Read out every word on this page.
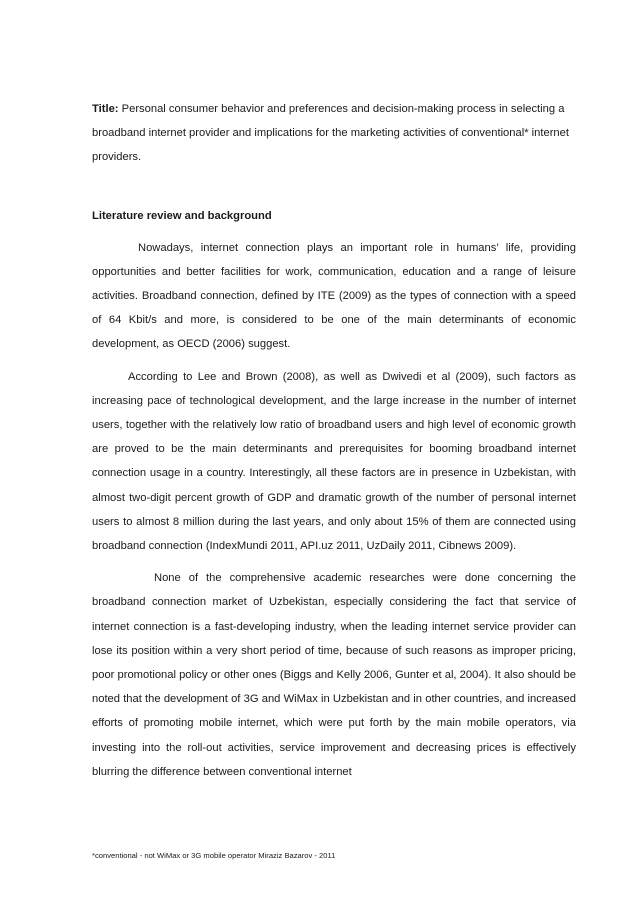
Title: Personal consumer behavior and preferences and decision-making process in selecting a broadband internet provider and implications for the marketing activities of conventional* internet providers.

Literature review and background

Nowadays, internet connection plays an important role in humans’ life, providing opportunities and better facilities for work, communication, education and a range of leisure activities. Broadband connection, defined by ITE (2009) as the types of connection with a speed of 64 Kbit/s and more, is considered to be one of the main determinants of economic development, as OECD (2006) suggest.

According to Lee and Brown (2008), as well as Dwivedi et al (2009), such factors as increasing pace of technological development, and the large increase in the number of internet users, together with the relatively low ratio of broadband users and high level of economic growth are proved to be the main determinants and prerequisites for booming broadband internet connection usage in a country. Interestingly, all these factors are in presence in Uzbekistan, with almost two-digit percent growth of GDP and dramatic growth of the number of personal internet users to almost 8 million during the last years, and only about 15% of them are connected using broadband connection (IndexMundi 2011, API.uz 2011, UzDaily 2011, Cibnews 2009).

None of the comprehensive academic researches were done concerning the broadband connection market of Uzbekistan, especially considering the fact that service of internet connection is a fast-developing industry, when the leading internet service provider can lose its position within a very short period of time, because of such reasons as improper pricing, poor promotional policy or other ones (Biggs and Kelly 2006, Gunter et al, 2004). It also should be noted that the development of 3G and WiMax in Uzbekistan and in other countries, and increased efforts of promoting mobile internet, which were put forth by the main mobile operators, via investing into the roll-out activities, service improvement and decreasing prices is effectively blurring the difference between conventional internet

*conventional - not WiMax or 3G mobile operator Miraziz Bazarov - 2011
